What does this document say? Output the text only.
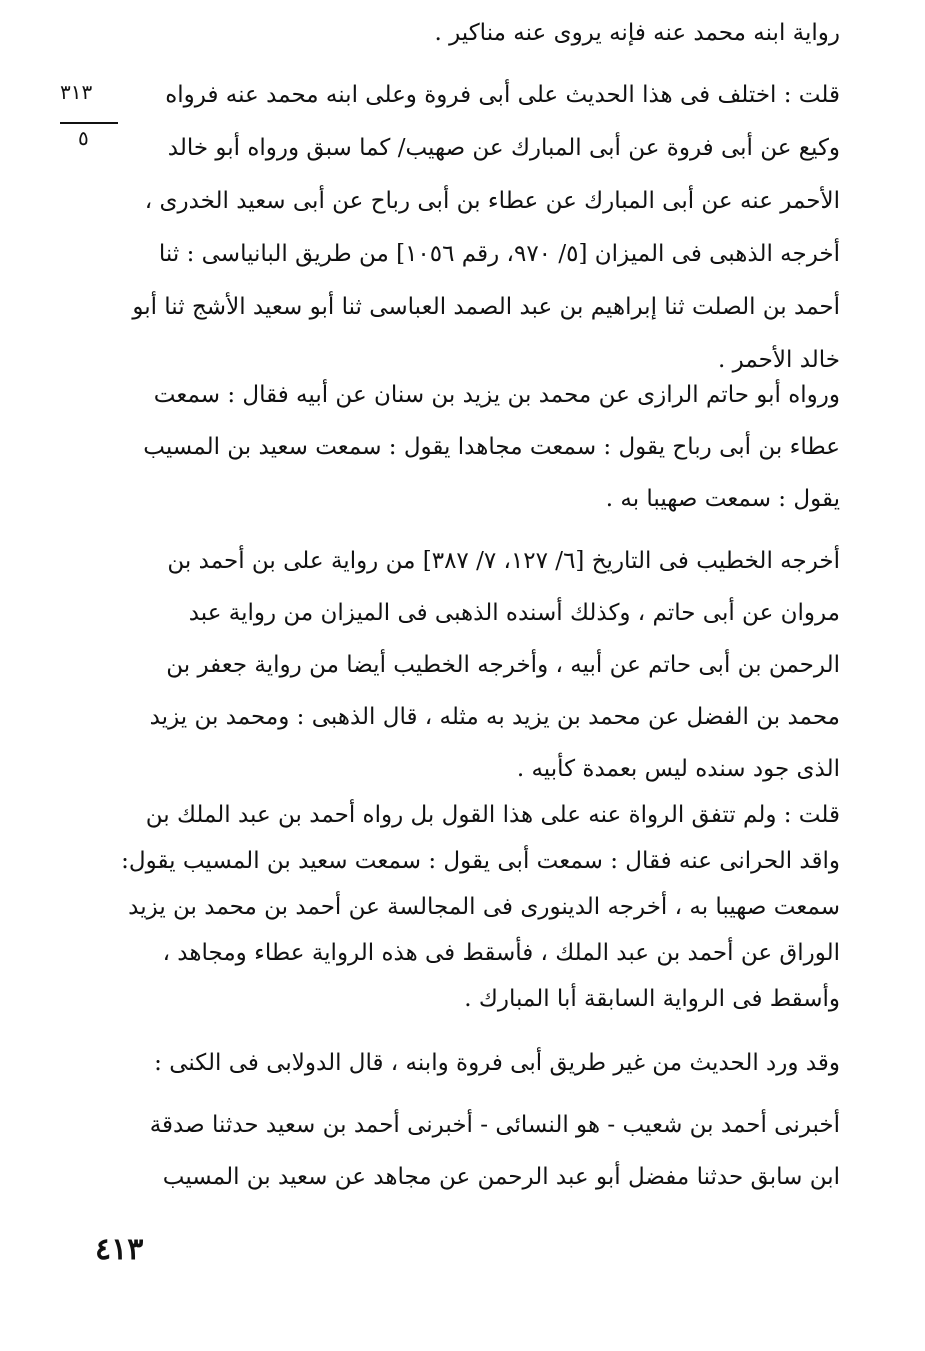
٣١٣
٥
رواية ابنه محمد عنه فإنه يروى عنه مناكير .
قلت : اختلف فى هذا الحديث على أبى فروة وعلى ابنه محمد عنه فرواه
وكيع عن أبى فروة عن أبى المبارك عن صهيب/ كما سبق ورواه أبو خالد
الأحمر عنه عن أبى المبارك عن عطاء بن أبى رباح عن أبى سعيد الخدرى ،
أخرجه الذهبى فى الميزان [٥/ ٩٧٠، رقم ١٠٥٦] من طريق البانياسى : ثنا
أحمد بن الصلت ثنا إبراهيم بن عبد الصمد العباسى ثنا أبو سعيد الأشج ثنا أبو
خالد الأحمر .
ورواه أبو حاتم الرازى عن محمد بن يزيد بن سنان عن أبيه فقال : سمعت
عطاء بن أبى رباح يقول : سمعت مجاهدا يقول : سمعت سعيد بن المسيب
يقول : سمعت صهيبا به .
أخرجه الخطيب فى التاريخ [٦/ ١٢٧، ٧/ ٣٨٧] من رواية على بن أحمد بن
مروان عن أبى حاتم ، وكذلك أسنده الذهبى فى الميزان من رواية عبد
الرحمن بن أبى حاتم عن أبيه ، وأخرجه الخطيب أيضا من رواية جعفر بن
محمد بن الفضل عن محمد بن يزيد به مثله ، قال الذهبى : ومحمد بن يزيد
الذى جود سنده ليس بعمدة كأبيه .
قلت : ولم تتفق الرواة عنه على هذا القول بل رواه أحمد بن عبد الملك بن
واقد الحرانى عنه فقال : سمعت أبى يقول : سمعت سعيد بن المسيب يقول:
سمعت صهيبا به ، أخرجه الدينورى فى المجالسة عن أحمد بن محمد بن يزيد
الوراق عن أحمد بن عبد الملك ، فأسقط فى هذه الرواية عطاء ومجاهد ،
وأسقط فى الرواية السابقة أبا المبارك .
وقد ورد الحديث من غير طريق أبى فروة وابنه ، قال الدولابى فى الكنى :
أخبرنى أحمد بن شعيب - هو النسائى - أخبرنى أحمد بن سعيد حدثنا صدقة
ابن سابق حدثنا مفضل أبو عبد الرحمن عن مجاهد عن سعيد بن المسيب
٤١٣
